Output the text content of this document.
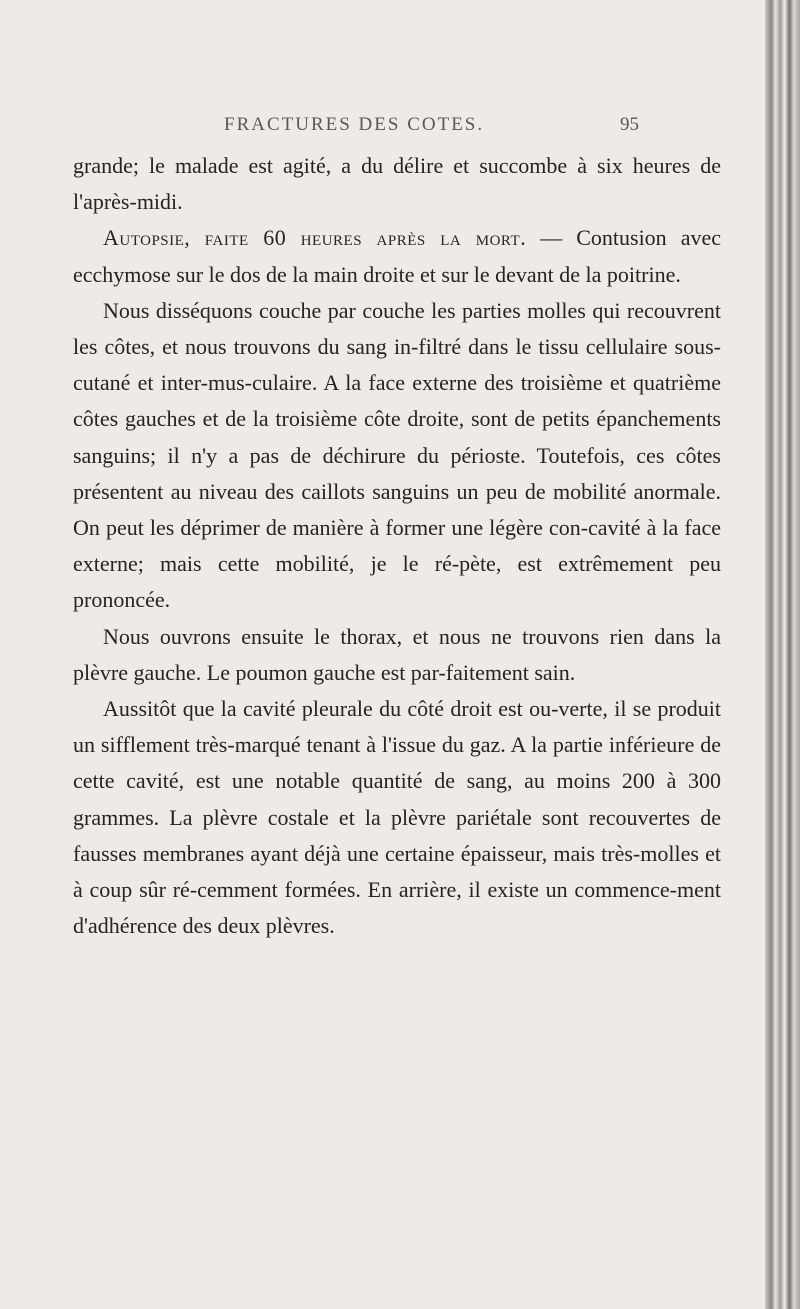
FRACTURES DES COTES.	95

grande; le malade est agité, a du délire et succombe à six heures de l'après-midi.

Autopsie, faite 60 heures après la mort. — Contusion avec ecchymose sur le dos de la main droite et sur le devant de la poitrine.

Nous disséquons couche par couche les parties molles qui recouvrent les côtes, et nous trouvons du sang in-filtré dans le tissu cellulaire sous-cutané et inter-mus-culaire. A la face externe des troisième et quatrième côtes gauches et de la troisième côte droite, sont de petits épanchements sanguins; il n'y a pas de déchirure du périoste. Toutefois, ces côtes présentent au niveau des caillots sanguins un peu de mobilité anormale. On peut les déprimer de manière à former une légère con-cavité à la face externe; mais cette mobilité, je le ré-pète, est extrêmement peu prononcée.

Nous ouvrons ensuite le thorax, et nous ne trouvons rien dans la plèvre gauche. Le poumon gauche est par-faitement sain.

Aussitôt que la cavité pleurale du côté droit est ou-verte, il se produit un sifflement très-marqué tenant à l'issue du gaz. A la partie inférieure de cette cavité, est une notable quantité de sang, au moins 200 à 300 grammes. La plèvre costale et la plèvre pariétale sont recouvertes de fausses membranes ayant déjà une certaine épaisseur, mais très-molles et à coup sûr ré-cemment formées. En arrière, il existe un commence-ment d'adhérence des deux plèvres.
